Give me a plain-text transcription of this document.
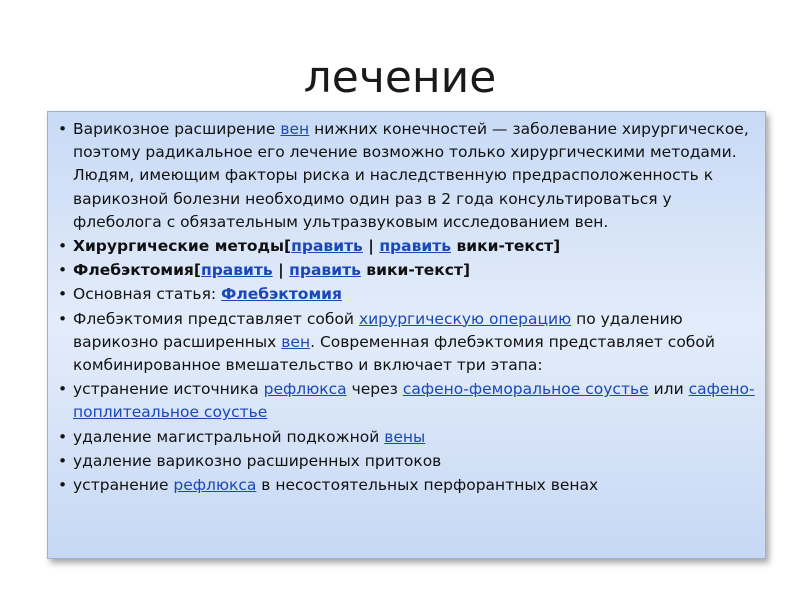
лечение
• Варикозное расширение вен нижних конечностей — заболевание хирургическое, поэтому радикальное его лечение возможно только хирургическими методами. Людям, имеющим факторы риска и наследственную предрасположенность к варикозной болезни необходимо один раз в 2 года консультироваться у флеболога с обязательным ультразвуковым исследованием вен.
• Хирургические методы[править | править вики-текст]
• Флебэктомия[править | править вики-текст]
• Основная статья: Флебэктомия
• Флебэктомия представляет собой хирургическую операцию по удалению варикозно расширенных вен. Современная флебэктомия представляет собой комбинированное вмешательство и включает три этапа:
• устранение источника рефлюкса через сафено-феморальное соустье или сафено-поплитеальное соустье
• удаление магистральной подкожной вены
• удаление варикозно расширенных притоков
• устранение рефлюкса в несостоятельных перфорантных венах
